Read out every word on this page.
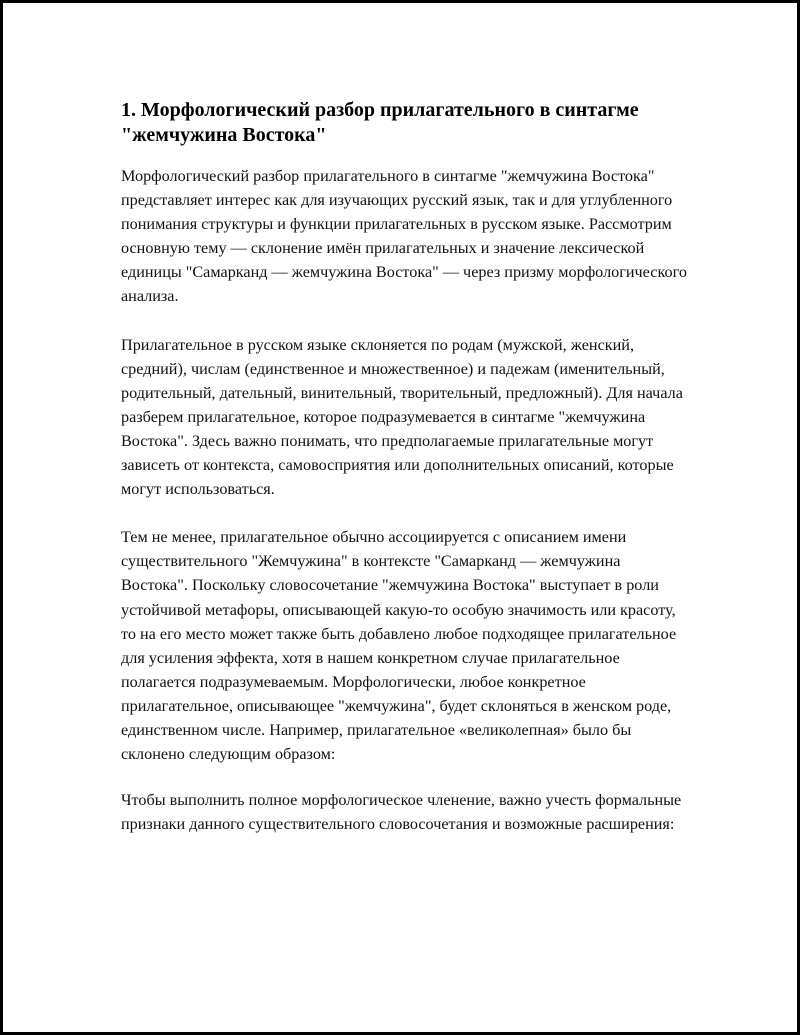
1. Морфологический разбор прилагательного в синтагме "жемчужина Востока"

Морфологический разбор прилагательного в синтагме "жемчужина Востока" представляет интерес как для изучающих русский язык, так и для углубленного понимания структуры и функции прилагательных в русском языке. Рассмотрим основную тему — склонение имён прилагательных и значение лексической единицы "Самарканд — жемчужина Востока" — через призму морфологического анализа.

Прилагательное в русском языке склоняется по родам (мужской, женский, средний), числам (единственное и множественное) и падежам (именительный, родительный, дательный, винительный, творительный, предложный). Для начала разберем прилагательное, которое подразумевается в синтагме "жемчужина Востока". Здесь важно понимать, что предполагаемые прилагательные могут зависеть от контекста, самовосприятия или дополнительных описаний, которые могут использоваться.

Тем не менее, прилагательное обычно ассоциируется с описанием имени существительного "Жемчужина" в контексте "Самарканд — жемчужина Востока". Поскольку словосочетание "жемчужина Востока" выступает в роли устойчивой метафоры, описывающей какую-то особую значимость или красоту, то на его место может также быть добавлено любое подходящее прилагательное для усиления эффекта, хотя в нашем конкретном случае прилагательное полагается подразумеваемым. Морфологически, любое конкретное прилагательное, описывающее "жемчужина", будет склоняться в женском роде, единственном числе. Например, прилагательное «великолепная» было бы склонено следующим образом:

Чтобы выполнить полное морфологическое членение, важно учесть формальные признаки данного существительного словосочетания и возможные расширения:
